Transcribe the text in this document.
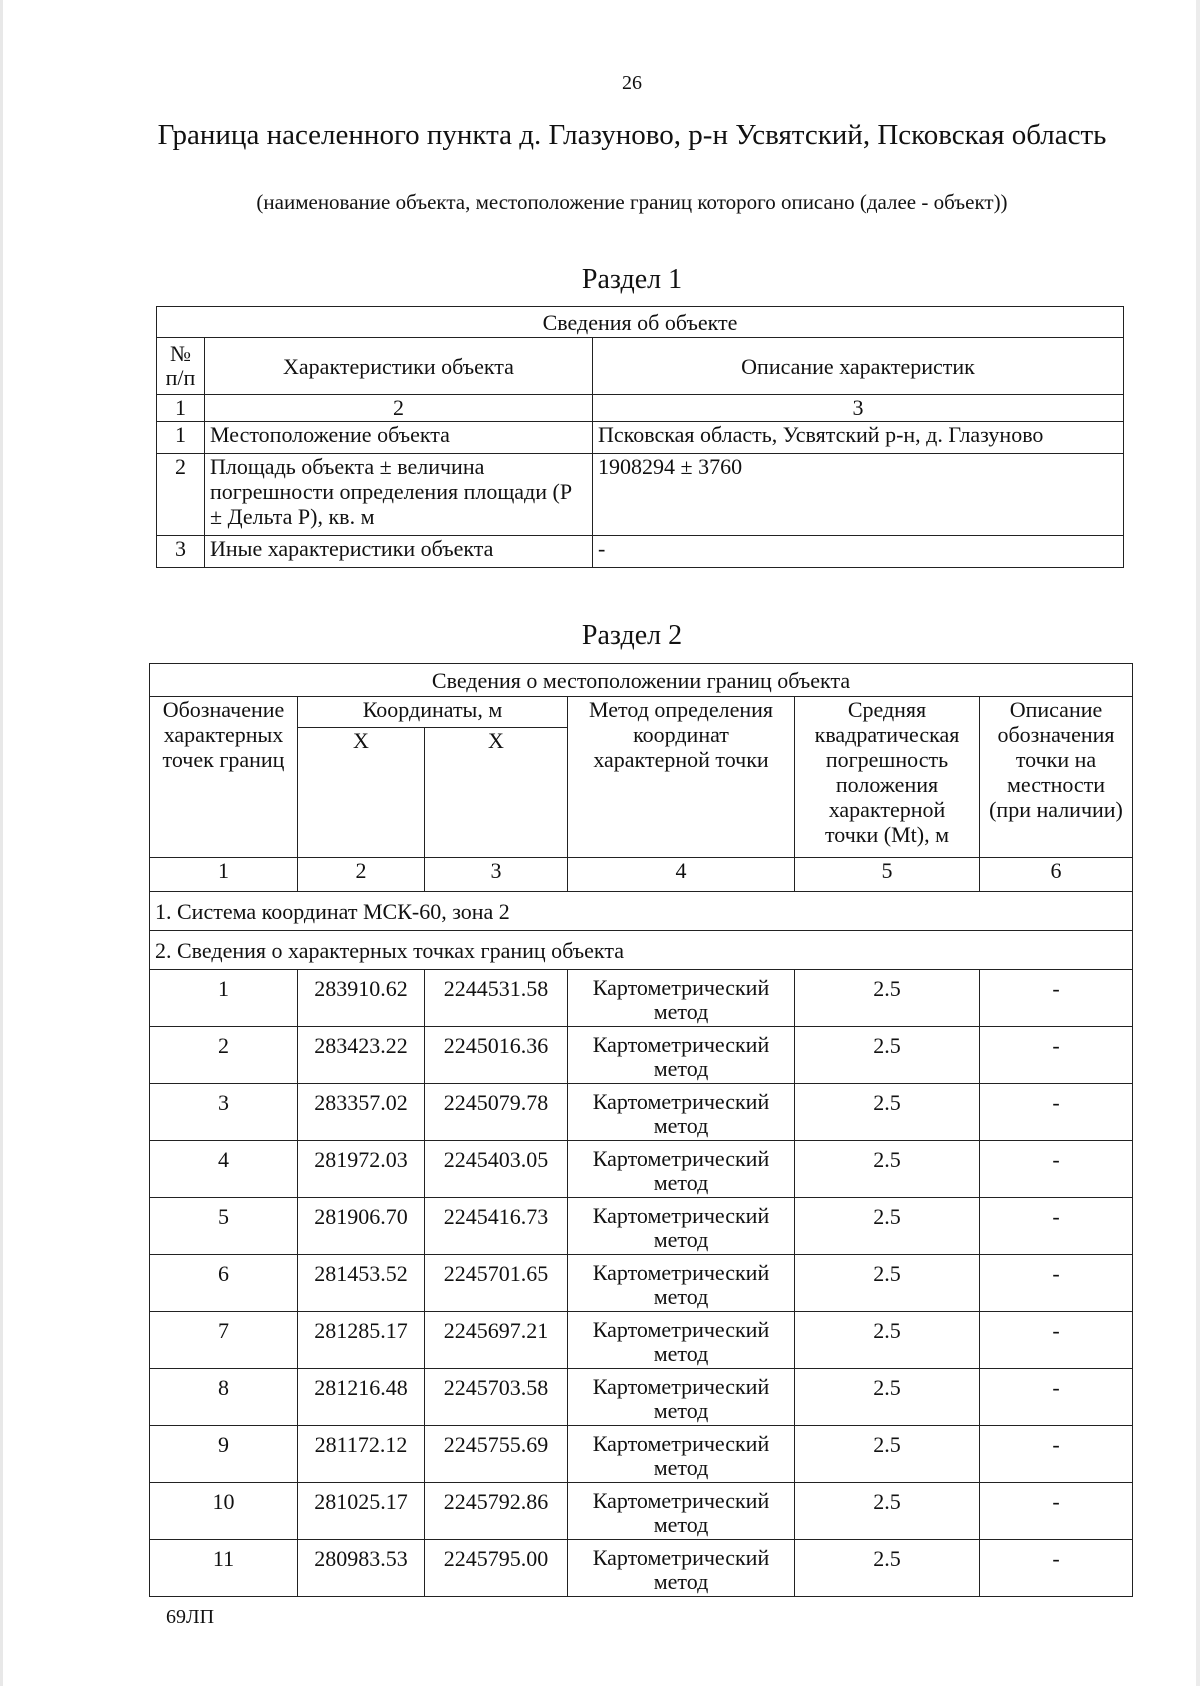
26
Граница населенного пункта д. Глазуново, р-н Усвятский, Псковская область
(наименование объекта, местоположение границ которого описано (далее - объект))
Раздел 1
Сведения об объекте		
№ п/п	Характеристики объекта	Описание характеристик
1	2	3
1	Местоположение объекта	Псковская область, Усвятский р-н, д. Глазуново
2	Площадь объекта ± величина погрешности определения площади (Р ± Дельта Р), кв. м	1908294 ± 3760
3	Иные характеристики объекта	-
Раздел 2
Сведения о местоположении границ объекта					
Обозначение характерных точек границ	Координаты, м		Метод определения координат характерной точки	Средняя квадратическая погрешность положения характерной точки (Mt), м	Описание обозначения точки на местности (при наличии)
	X	X			
1	2	3	4	5	6
1. Система координат МСК-60, зона 2					
2. Сведения о характерных точках границ объекта					
1	283910.62	2244531.58	Картометрический метод	2.5	-
2	283423.22	2245016.36	Картометрический метод	2.5	-
3	283357.02	2245079.78	Картометрический метод	2.5	-
4	281972.03	2245403.05	Картометрический метод	2.5	-
5	281906.70	2245416.73	Картометрический метод	2.5	-
6	281453.52	2245701.65	Картометрический метод	2.5	-
7	281285.17	2245697.21	Картометрический метод	2.5	-
8	281216.48	2245703.58	Картометрический метод	2.5	-
9	281172.12	2245755.69	Картометрический метод	2.5	-
10	281025.17	2245792.86	Картометрический метод	2.5	-
11	280983.53	2245795.00	Картометрический метод	2.5	-
69ЛП
